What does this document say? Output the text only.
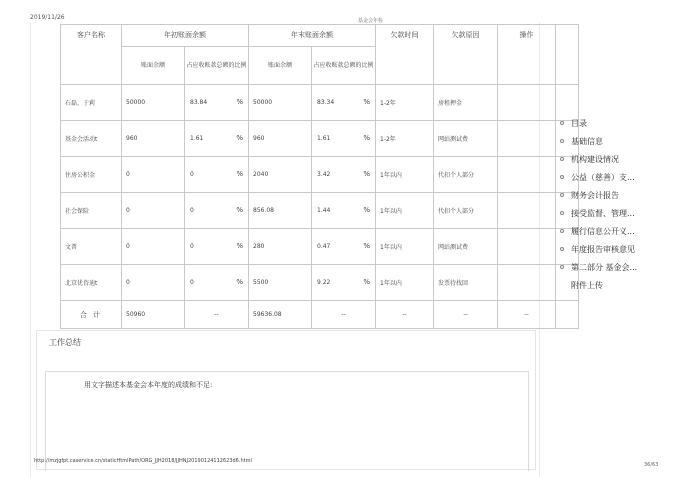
2019/11/26	基金会年检
客户名称	年初账面余额		年末账面余额		欠款时间	欠款原因	操作	
	账面余额	占应收账款总额的比例	账面余额	占应收账款总额的比例				
石磊、于莉	50000	83.84 %	50000	83.34 %	1-2年	房租押金		
基金会活动t	960	1.61 %	960	1.61 %	1-2年	网站测试费		
住房公积金	0	0 %	2040	3.42 %	1年以内	代扣个人部分		
社会保险	0	0 %	856.08	1.44 %	1年以内	代扣个人部分		
文普	0	0 %	280	0.47 %	1年以内	网站测试费		
北京优咨迪t	0	0 %	5500	9.22 %	1年以内	发票待找回		
合 计	50960	--	59636.08	--	--	--	--	
工作总结
用文字描述本基金会本年度的成绩和不足:
目录
基础信息
机构建设情况
公益（慈善）支...
财务会计报告
接受监督、管理...
履行信息公开义...
年度报告审核意见
第二部分 基金会...
附件上传
http://mzjgfpt.caservice.cn/staticHtmlPath/ORG_JJH2018/JJHNJ20190124112623d6.html
36/63
